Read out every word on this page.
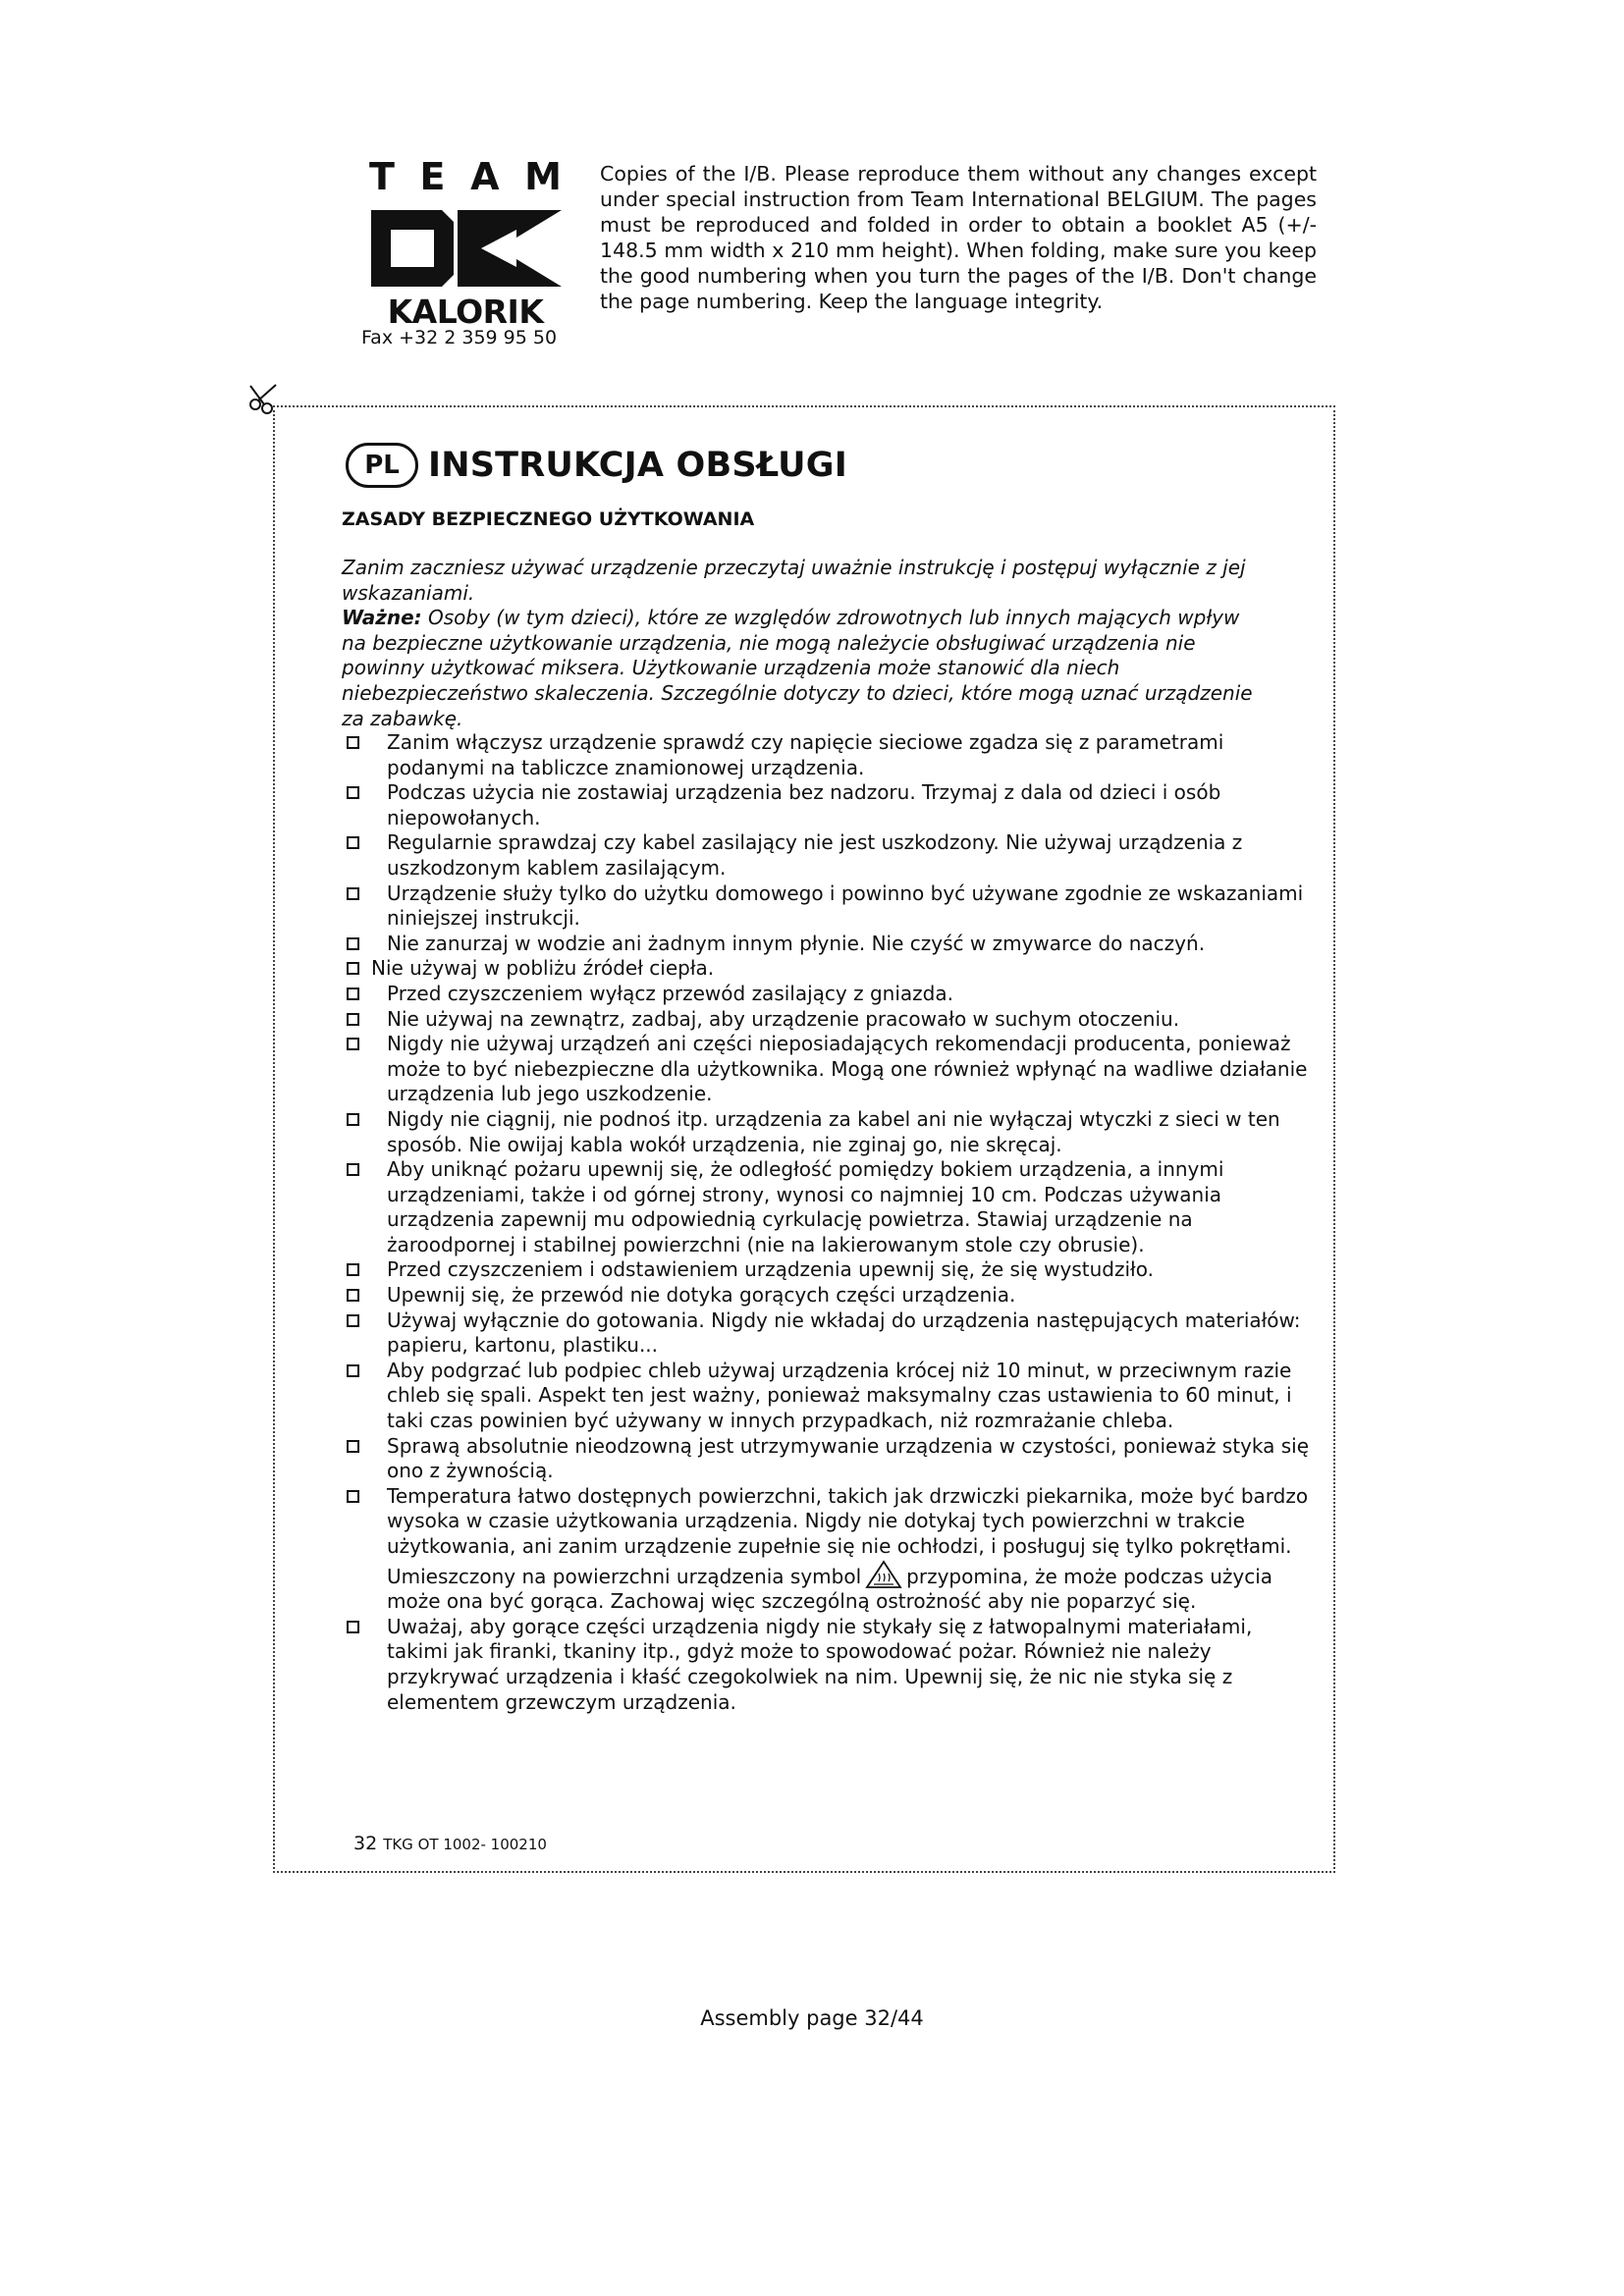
T E A M
KALORIK
Fax +32 2 359 95 50
Copies of the I/B. Please reproduce them without any changes except under special instruction from Team International BELGIUM. The pages must be reproduced and folded in order to obtain a booklet A5 (+/- 148.5 mm width x 210 mm height). When folding, make sure you keep the good numbering when you turn the pages of the I/B. Don't change the page numbering. Keep the language integrity.
PL INSTRUKCJA OBSŁUGI
ZASADY BEZPIECZNEGO UŻYTKOWANIA

Zanim zaczniesz używać urządzenie przeczytaj uważnie instrukcję i postępuj wyłącznie z jej wskazaniami.

Ważne: Osoby (w tym dzieci), które ze względów zdrowotnych lub innych mających wpływ na bezpieczne użytkowanie urządzenia, nie mogą należycie obsługiwać urządzenia nie powinny użytkować miksera. Użytkowanie urządzenia może stanowić dla niech niebezpieczeństwo skaleczenia. Szczególnie dotyczy to dzieci, które mogą uznać urządzenie za zabawkę.

Zanim włączysz urządzenie sprawdź czy napięcie sieciowe zgadza się z parametrami podanymi na tabliczce znamionowej urządzenia.
Podczas użycia nie zostawiaj urządzenia bez nadzoru. Trzymaj z dala od dzieci i osób niepowołanych.
Regularnie sprawdzaj czy kabel zasilający nie jest uszkodzony. Nie używaj urządzenia z uszkodzonym kablem zasilającym.
Urządzenie służy tylko do użytku domowego i powinno być używane zgodnie ze wskazaniami niniejszej instrukcji.
Nie zanurzaj w wodzie ani żadnym innym płynie. Nie czyść w zmywarce do naczyń.
Nie używaj w pobliżu źródeł ciepła.
Przed czyszczeniem wyłącz przewód zasilający z gniazda.
Nie używaj na zewnątrz, zadbaj, aby urządzenie pracowało w suchym otoczeniu.
Nigdy nie używaj urządzeń ani części nieposiadających rekomendacji producenta, ponieważ może to być niebezpieczne dla użytkownika. Mogą one również wpłynąć na wadliwe działanie urządzenia lub jego uszkodzenie.
Nigdy nie ciągnij, nie podnoś itp. urządzenia za kabel ani nie wyłączaj wtyczki z sieci w ten sposób. Nie owijaj kabla wokół urządzenia, nie zginaj go, nie skręcaj.
Aby uniknąć pożaru upewnij się, że odległość pomiędzy bokiem urządzenia, a innymi urządzeniami, także i od górnej strony, wynosi co najmniej 10 cm. Podczas używania urządzenia zapewnij mu odpowiednią cyrkulację powietrza. Stawiaj urządzenie na żaroodpornej i stabilnej powierzchni (nie na lakierowanym stole czy obrusie).
Przed czyszczeniem i odstawieniem urządzenia upewnij się, że się wystudziło.
Upewnij się, że przewód nie dotyka gorących części urządzenia.
Używaj wyłącznie do gotowania. Nigdy nie wkładaj do urządzenia następujących materiałów: papieru, kartonu, plastiku...
Aby podgrzać lub podpiec chleb używaj urządzenia krócej niż 10 minut, w przeciwnym razie chleb się spali. Aspekt ten jest ważny, ponieważ maksymalny czas ustawienia to 60 minut, i taki czas powinien być używany w innych przypadkach, niż rozmrażanie chleba.
Sprawą absolutnie nieodzowną jest utrzymywanie urządzenia w czystości, ponieważ styka się ono z żywnością.
Temperatura łatwo dostępnych powierzchni, takich jak drzwiczki piekarnika, może być bardzo wysoka w czasie użytkowania urządzenia. Nigdy nie dotykaj tych powierzchni w trakcie użytkowania, ani zanim urządzenie zupełnie się nie ochłodzi, i posługuj się tylko pokrętłami. Umieszczony na powierzchni urządzenia symbol przypomina, że może podczas użycia może ona być gorąca. Zachowaj więc szczególną ostrożność aby nie poparzyć się.
Uważaj, aby gorące części urządzenia nigdy nie stykały się z łatwopalnymi materiałami, takimi jak firanki, tkaniny itp., gdyż może to spowodować pożar. Również nie należy przykrywać urządzenia i kłaść czegokolwiek na nim. Upewnij się, że nic nie styka się z elementem grzewczym urządzenia.
32 TKG OT 1002- 100210
Assembly page 32/44
